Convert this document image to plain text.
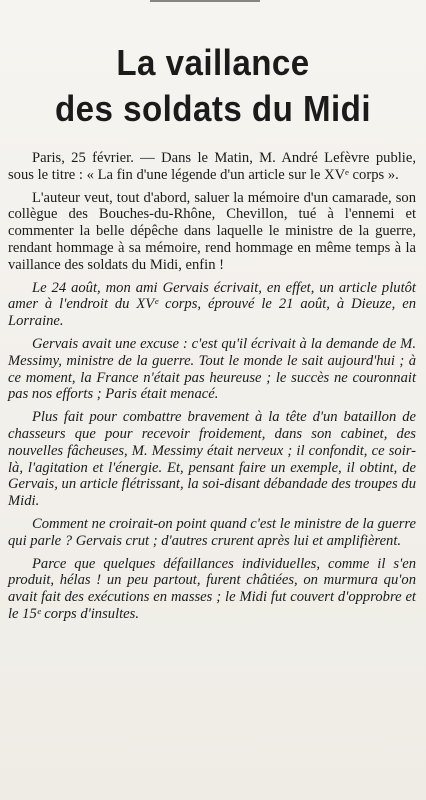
La vaillance
des soldats du Midi

Paris, 25 février. — Dans le Matin, M. André Lefèvre publie, sous le titre : « La fin d'une légende d'un article sur le XVᵉ corps ».

L'auteur veut, tout d'abord, saluer la mémoire d'un camarade, son collègue des Bouches-du-Rhône, Chevillon, tué à l'ennemi et commenter la belle dépêche dans laquelle le ministre de la guerre, rendant hommage à sa mémoire, rend hommage en même temps à la vaillance des soldats du Midi, enfin !

Le 24 août, mon ami Gervais écrivait, en effet, un article plutôt amer à l'endroit du XVᵉ corps, éprouvé le 21 août, à Dieuze, en Lorraine.

Gervais avait une excuse : c'est qu'il écrivait à la demande de M. Messimy, ministre de la guerre. Tout le monde le sait aujourd'hui ; à ce moment, la France n'était pas heureuse ; le succès ne couronnait pas nos efforts ; Paris était menacé.

Plus fait pour combattre bravement à la tête d'un bataillon de chasseurs que pour recevoir froidement, dans son cabinet, des nouvelles fâcheuses, M. Messimy était nerveux ; il confondit, ce soir-là, l'agitation et l'énergie. Et, pensant faire un exemple, il obtint, de Gervais, un article flétrissant, la soi-disant débandade des troupes du Midi.

Comment ne croirait-on point quand c'est le ministre de la guerre qui parle ? Gervais crut ; d'autres crurent après lui et amplifièrent.

Parce que quelques défaillances individuelles, comme il s'en produit, hélas ! un peu partout, furent châtiées, on murmura qu'on avait fait des exécutions en masses ; le Midi fut couvert d'opprobre et le 15ᵉ corps d'insultes.
